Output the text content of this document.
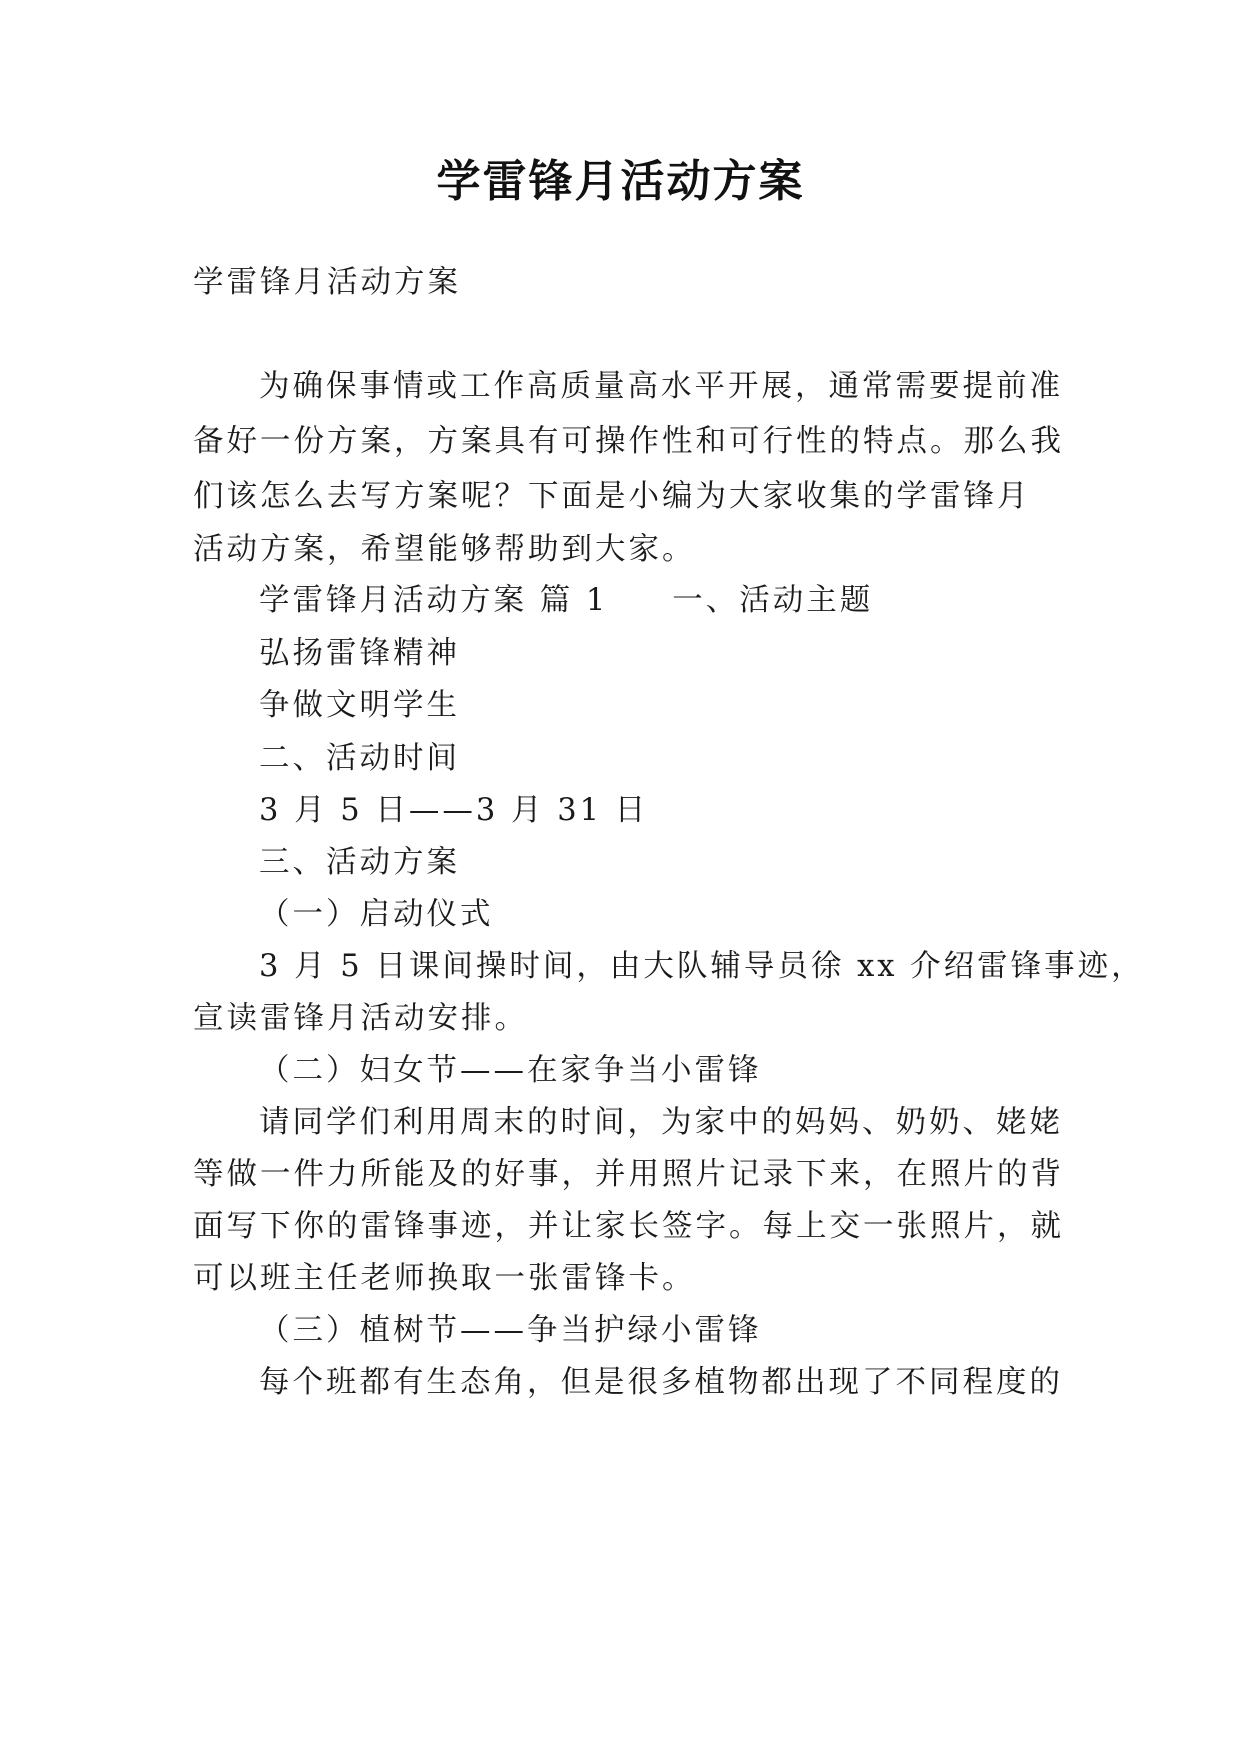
学雷锋月活动方案
学雷锋月活动方案
为确保事情或工作高质量高水平开展，通常需要提前准
备好一份方案，方案具有可操作性和可行性的特点。那么我
们该怎么去写方案呢？下面是小编为大家收集的学雷锋月
活动方案，希望能够帮助到大家。
学雷锋月活动方案 篇 1 一、活动主题
弘扬雷锋精神
争做文明学生
二、活动时间
3 月 5 日——3 月 31 日
三、活动方案
（一）启动仪式
3 月 5 日课间操时间，由大队辅导员徐 xx 介绍雷锋事迹，
宣读雷锋月活动安排。
（二）妇女节——在家争当小雷锋
请同学们利用周末的时间，为家中的妈妈、奶奶、姥姥
等做一件力所能及的好事，并用照片记录下来，在照片的背
面写下你的雷锋事迹，并让家长签字。每上交一张照片，就
可以班主任老师换取一张雷锋卡。
（三）植树节——争当护绿小雷锋
每个班都有生态角，但是很多植物都出现了不同程度的
